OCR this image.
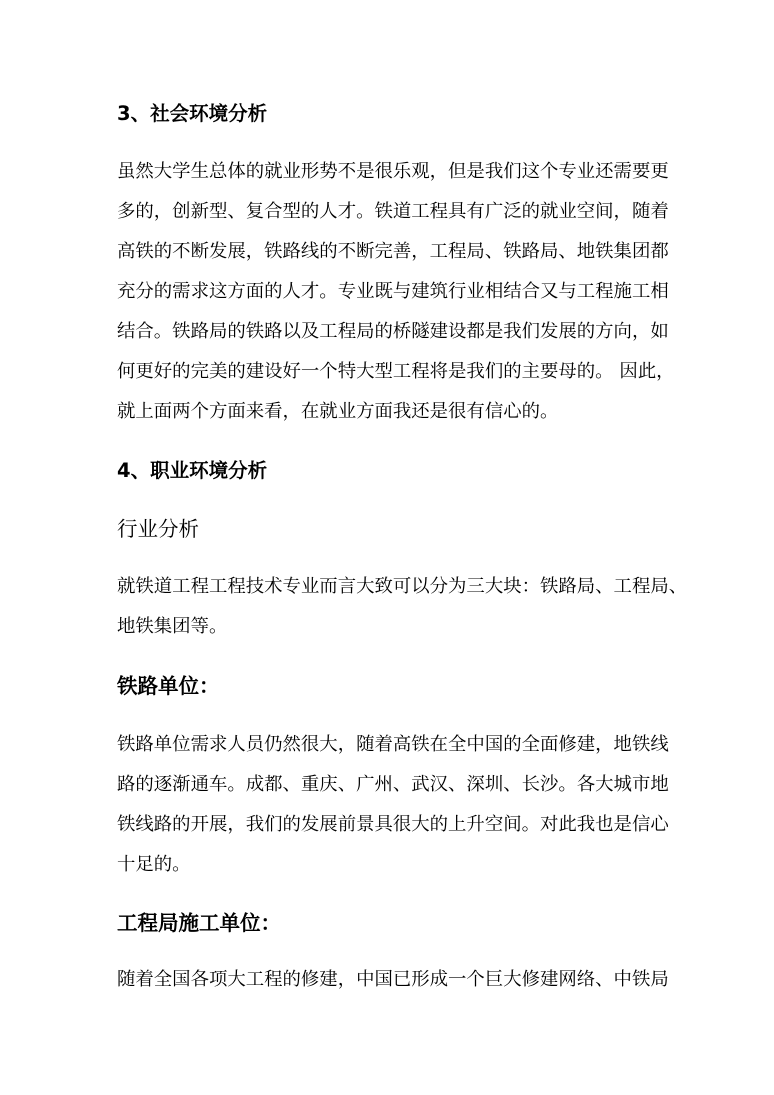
3、社会环境分析
虽然大学生总体的就业形势不是很乐观，但是我们这个专业还需要更
多的，创新型、复合型的人才。铁道工程具有广泛的就业空间，随着
高铁的不断发展，铁路线的不断完善，工程局、铁路局、地铁集团都
充分的需求这方面的人才。专业既与建筑行业相结合又与工程施工相
结合。铁路局的铁路以及工程局的桥隧建设都是我们发展的方向，如
何更好的完美的建设好一个特大型工程将是我们的主要母的。 因此，
就上面两个方面来看，在就业方面我还是很有信心的。
4、职业环境分析
行业分析
就铁道工程工程技术专业而言大致可以分为三大块：铁路局、工程局、
地铁集团等。
铁路单位：
铁路单位需求人员仍然很大，随着高铁在全中国的全面修建，地铁线
路的逐渐通车。成都、重庆、广州、武汉、深圳、长沙。各大城市地
铁线路的开展，我们的发展前景具很大的上升空间。对此我也是信心
十足的。
工程局施工单位：
随着全国各项大工程的修建，中国已形成一个巨大修建网络、中铁局
